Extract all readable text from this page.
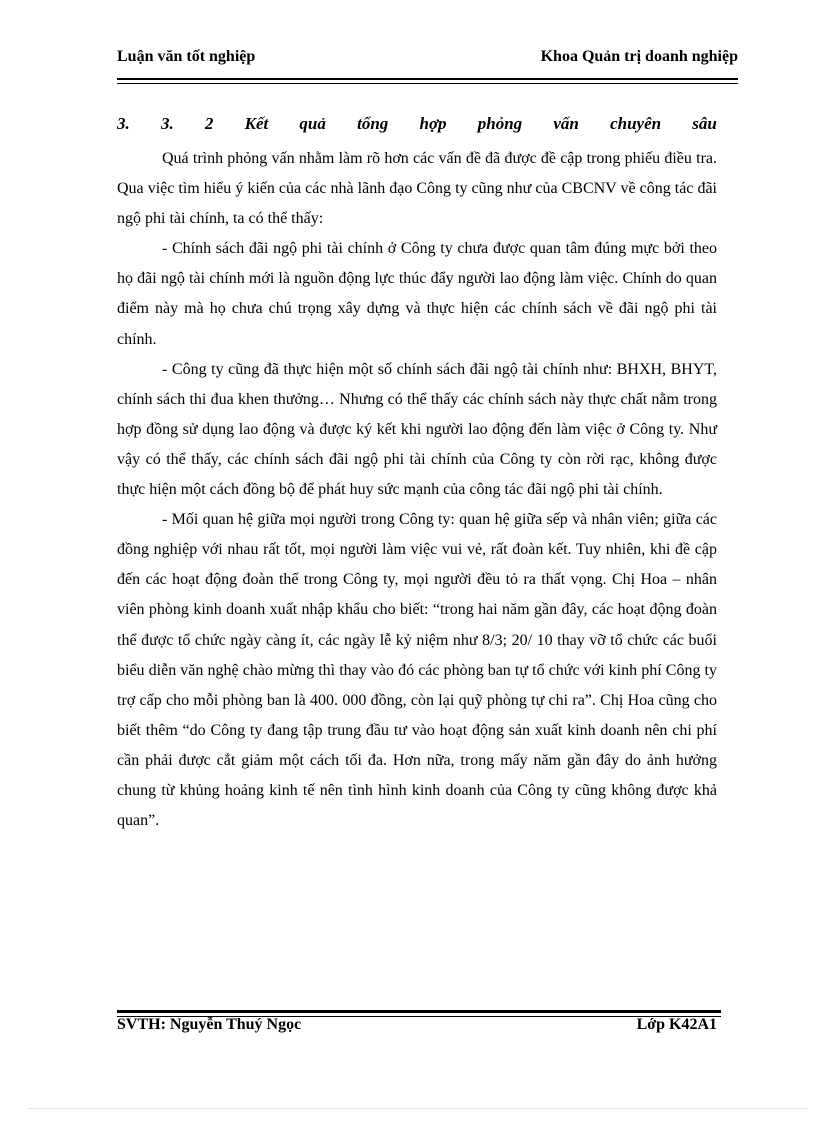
Luận văn tốt nghiệp	Khoa Quản trị doanh nghiệp
3. 3. 2 Kết quả tổng hợp phỏng vấn chuyên sâu

Quá trình phỏng vấn nhằm làm rõ hơn các vấn đề đã được đề cập trong phiếu điều tra. Qua việc tìm hiểu ý kiến của các nhà lãnh đạo Công ty cũng như của CBCNV về công tác đãi ngộ phi tài chính, ta có thể thấy:

- Chính sách đãi ngộ phi tài chính ở Công ty chưa được quan tâm đúng mực bởi theo họ đãi ngộ tài chính mới là nguồn động lực thúc đẩy người lao động làm việc. Chính do quan điểm này mà họ chưa chú trọng xây dựng và thực hiện các chính sách về đãi ngộ phi tài chính.

- Công ty cũng đã thực hiện một số chính sách đãi ngộ tài chính như: BHXH, BHYT, chính sách thi đua khen thưởng… Nhưng có thể thấy các chính sách này thực chất nằm trong hợp đồng sử dụng lao động và được ký kết khi người lao động đến làm việc ở Công ty. Như vậy có thể thấy, các chính sách đãi ngộ phi tài chính của Công ty còn rời rạc, không được thực hiện một cách đồng bộ để phát huy sức mạnh của công tác đãi ngộ phi tài chính.

- Mối quan hệ giữa mọi người trong Công ty: quan hệ giữa sếp và nhân viên; giữa các đồng nghiệp với nhau rất tốt, mọi người làm việc vui vẻ, rất đoàn kết. Tuy nhiên, khi đề cập đến các hoạt động đoàn thể trong Công ty, mọi người đều tỏ ra thất vọng. Chị Hoa – nhân viên phòng kinh doanh xuất nhập khẩu cho biết: “trong hai năm gần đây, các hoạt động đoàn thể được tổ chức ngày càng ít, các ngày lễ kỷ niệm như 8/3; 20/ 10 thay vỡ tổ chức các buổi biểu diễn văn nghệ chào mừng thì thay vào đó các phòng ban tự tổ chức với kinh phí Công ty trợ cấp cho mỗi phòng ban là 400. 000 đồng, còn lại quỹ phòng tự chi ra”. Chị Hoa cũng cho biết thêm “do Công ty đang tập trung đầu tư vào hoạt động sản xuất kinh doanh nên chi phí cần phải được cắt giảm một cách tối đa. Hơn nữa, trong mấy năm gần đây do ảnh hưởng chung từ khủng hoảng kinh tế nên tình hình kinh doanh của Công ty cũng không được khả quan”.

SVTH: Nguyễn Thuý Ngọc	Lớp K42A1
